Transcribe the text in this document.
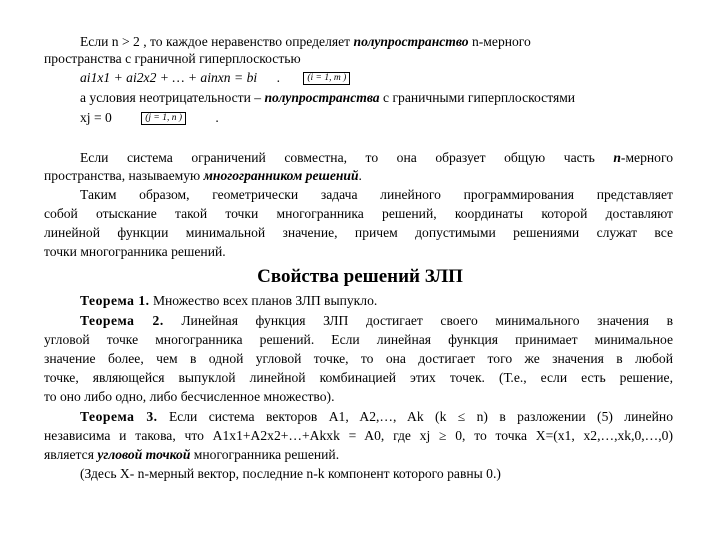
Если n > 2 , то каждое неравенство определяет полупространство n-мерного
пространства с граничной гиперплоскостью
ai1x1 + ai2x2 + … + ainxn = bi .	(i = 1, m )
а условия неотрицательности – полупространства с граничными гиперплоскостями
xj = 0	(j = 1, n ) .
Если система ограничений совместна, то она образует общую часть n-мерного
пространства, называемую многогранником решений.
Таким образом, геометрически задача линейного программирования представляет
собой отыскание такой точки многогранника решений, координаты которой доставляют
линейной функции минимальной значение, причем допустимыми решениями служат все
точки многогранника решений.
Свойства решений ЗЛП
Теорема 1. Множество всех планов ЗЛП выпукло.
Теорема 2. Линейная функция ЗЛП достигает своего минимального значения в
угловой точке многогранника решений. Если линейная функция принимает минимальное
значение более, чем в одной угловой точке, то она достигает того же значения в любой
точке, являющейся выпуклой линейной комбинацией этих точек. (Т.е., если есть решение,
то оно либо одно, либо бесчисленное множество).
Теорема 3. Если система векторов A1, A2,…, Ak (k ≤ n) в разложении (5) линейно
независима и такова, что A1x1+A2x2+…+Akxk = A0, где xj ≥ 0, то точка X=(x1, x2,…,xk,0,…,0)
является угловой точкой многогранника решений.
(Здесь X- n-мерный вектор, последние n-k компонент которого равны 0.)
